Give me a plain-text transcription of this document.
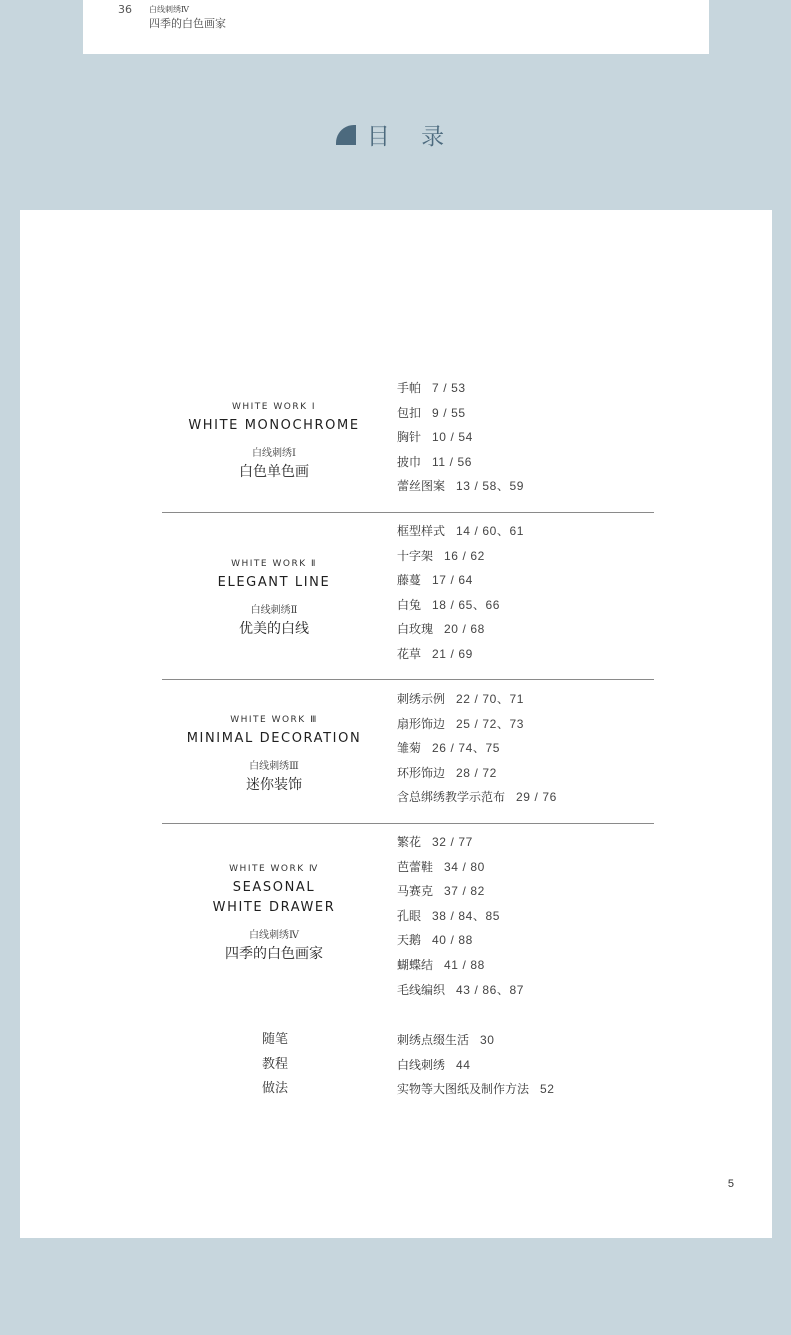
36 白线刺绣Ⅳ
四季的白色画家
目 录
WHITE WORK I
WHITE MONOCHROME
白线刺绣Ⅰ
白色单色画
手帕 7 / 53
包扣 9 / 55
胸针 10 / 54
披巾 11 / 56
蕾丝图案 13 / 58、59
WHITE WORK Ⅱ
ELEGANT LINE
白线刺绣Ⅱ
优美的白线
框型样式 14 / 60、61
十字架 16 / 62
藤蔓 17 / 64
白兔 18 / 65、66
白玫瑰 20 / 68
花草 21 / 69
WHITE WORK Ⅲ
MINIMAL DECORATION
白线刺绣Ⅲ
迷你装饰
刺绣示例 22 / 70、71
扇形饰边 25 / 72、73
雏菊 26 / 74、75
环形饰边 28 / 72
含总绑绣教学示范布 29 / 76
WHITE WORK Ⅳ
SEASONAL
WHITE DRAWER
白线刺绣Ⅳ
四季的白色画家
繁花 32 / 77
芭蕾鞋 34 / 80
马赛克 37 / 82
孔眼 38 / 84、85
天鹅 40 / 88
蝴蝶结 41 / 88
毛线编织 43 / 86、87
随笔
教程
做法
刺绣点缀生活 30
白线刺绣 44
实物等大图纸及制作方法 52
5
